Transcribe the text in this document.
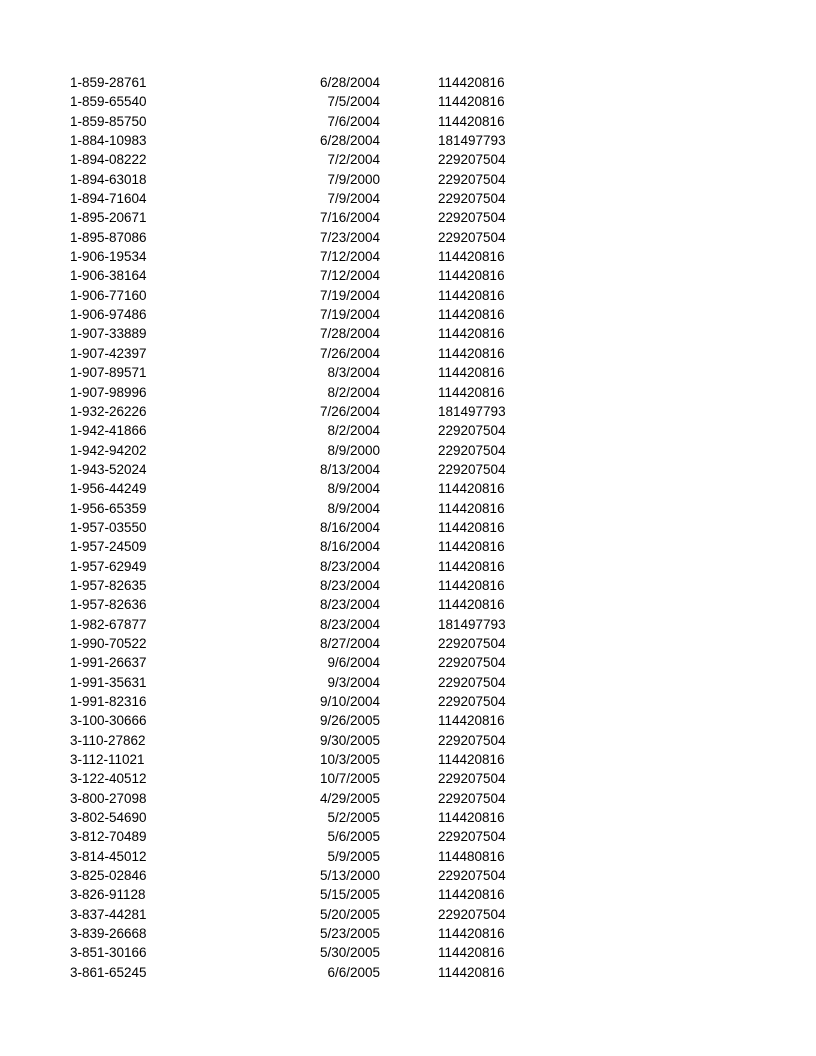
1-859-28761	6/28/2004	114420816
1-859-65540	7/5/2004	114420816
1-859-85750	7/6/2004	114420816
1-884-10983	6/28/2004	181497793
1-894-08222	7/2/2004	229207504
1-894-63018	7/9/2000	229207504
1-894-71604	7/9/2004	229207504
1-895-20671	7/16/2004	229207504
1-895-87086	7/23/2004	229207504
1-906-19534	7/12/2004	114420816
1-906-38164	7/12/2004	114420816
1-906-77160	7/19/2004	114420816
1-906-97486	7/19/2004	114420816
1-907-33889	7/28/2004	114420816
1-907-42397	7/26/2004	114420816
1-907-89571	8/3/2004	114420816
1-907-98996	8/2/2004	114420816
1-932-26226	7/26/2004	181497793
1-942-41866	8/2/2004	229207504
1-942-94202	8/9/2000	229207504
1-943-52024	8/13/2004	229207504
1-956-44249	8/9/2004	114420816
1-956-65359	8/9/2004	114420816
1-957-03550	8/16/2004	114420816
1-957-24509	8/16/2004	114420816
1-957-62949	8/23/2004	114420816
1-957-82635	8/23/2004	114420816
1-957-82636	8/23/2004	114420816
1-982-67877	8/23/2004	181497793
1-990-70522	8/27/2004	229207504
1-991-26637	9/6/2004	229207504
1-991-35631	9/3/2004	229207504
1-991-82316	9/10/2004	229207504
3-100-30666	9/26/2005	114420816
3-110-27862	9/30/2005	229207504
3-112-11021	10/3/2005	114420816
3-122-40512	10/7/2005	229207504
3-800-27098	4/29/2005	229207504
3-802-54690	5/2/2005	114420816
3-812-70489	5/6/2005	229207504
3-814-45012	5/9/2005	114480816
3-825-02846	5/13/2000	229207504
3-826-91128	5/15/2005	114420816
3-837-44281	5/20/2005	229207504
3-839-26668	5/23/2005	114420816
3-851-30166	5/30/2005	114420816
3-861-65245	6/6/2005	114420816
